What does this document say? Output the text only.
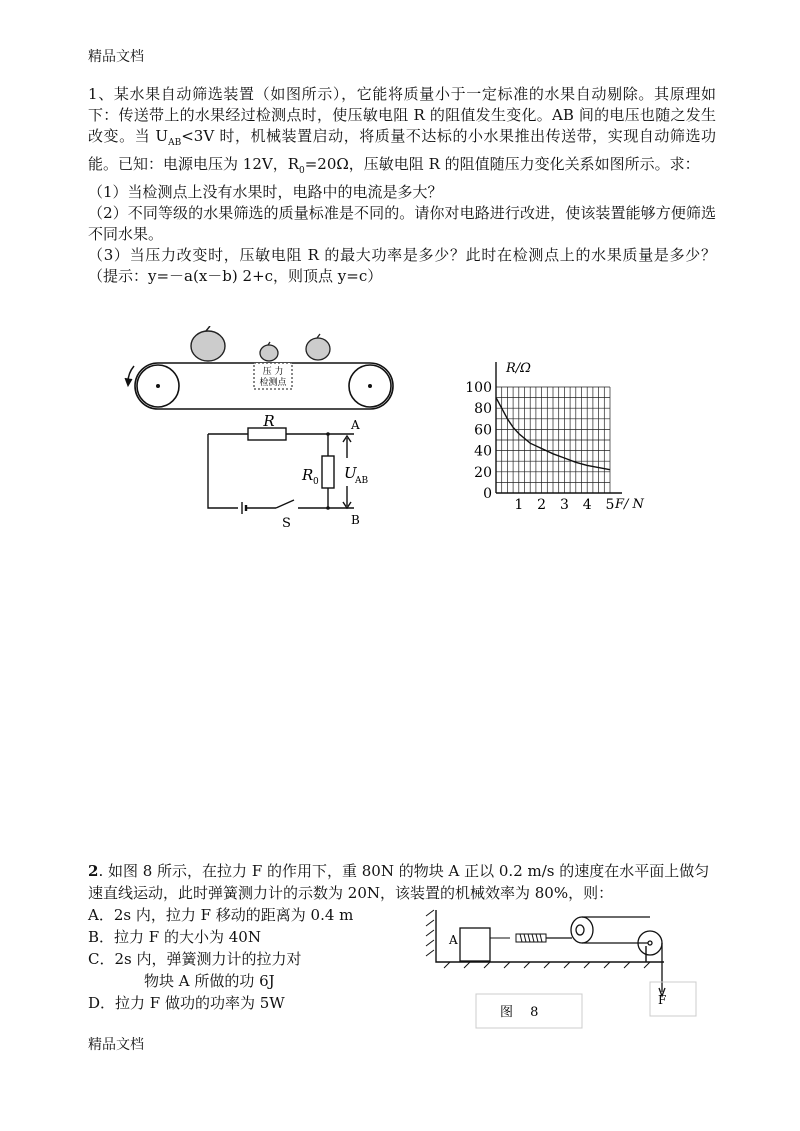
精品文档

1、某水果自动筛选装置（如图所示），它能将质量小于一定标准的水果自动剔除。其原理如下：传送带上的水果经过检测点时，使压敏电阻 R 的阻值发生变化。AB 间的电压也随之发生改变。当 $U_{AB}<3V$ 时，机械装置启动，将质量不达标的小水果推出传送带，实现自动筛选功能。已知：电源电压为 12V，$R_0=20\Omega$，压敏电阻 R 的阻值随压力变化关系如图所示。求：

（1）当检测点上没有水果时，电路中的电流是多大？

（2）不同等级的水果筛选的质量标准是不同的。请你对电路进行改进，使该装置能够方便筛选不同水果。

（3）当压力改变时，压敏电阻 R 的最大功率是多少？此时在检测点上的水果质量是多少？（提示：y=－a(x－b) 2+c，则顶点 y=c）

压 力
检测点
R
R 0 U
AB
A
B
S
0
20
40
60
80
100
1 2 3 4 5
R/Ω
F/ N

2. 如图 8 所示，在拉力 F 的作用下，重 80N 的物块 A 正以 0.2 m/s 的速度在水平面上做匀速直线运动，此时弹簧测力计的示数为 20N，该装置的机械效率为 80%，则：

A．2s 内，拉力 F 移动的距离为 0.4 m
B．拉力 F 的大小为 40N
C．2s 内，弹簧测力计的拉力对
物块 A 所做的功 6J
D．拉力 F 做功的功率为 5W
A
F
图　 8
精品文档
